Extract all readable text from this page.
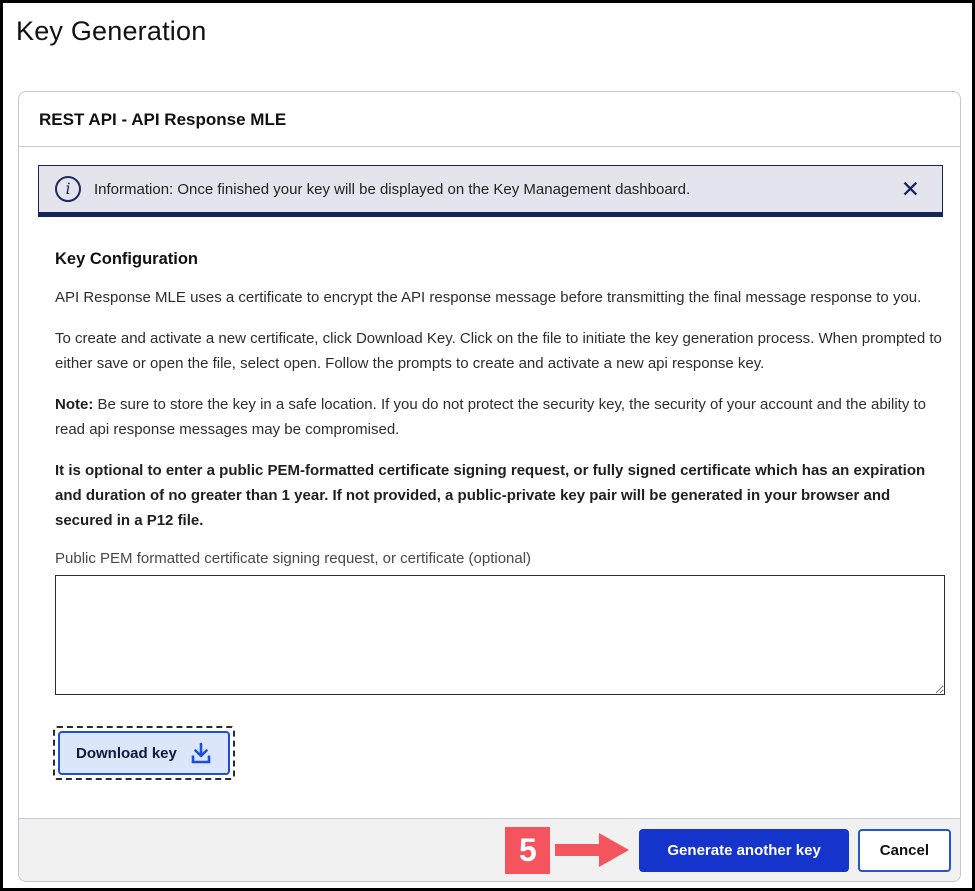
Key Generation
REST API - API Response MLE
i	Information: Once finished your key will be displayed on the Key Management dashboard.	✕
Key Configuration

API Response MLE uses a certificate to encrypt the API response message before transmitting the final message response to you.

To create and activate a new certificate, click Download Key. Click on the file to initiate the key generation process. When prompted to either save or open the file, select open. Follow the prompts to create and activate a new api response key.

Note: Be sure to store the key in a safe location. If you do not protect the security key, the security of your account and the ability to read api response messages may be compromised.

It is optional to enter a public PEM-formatted certificate signing request, or fully signed certificate which has an expiration and duration of no greater than 1 year. If not provided, a public-private key pair will be generated in your browser and secured in a P12 file.

Public PEM formatted certificate signing request, or certificate (optional)
Download key
5	Generate another key	Cancel
